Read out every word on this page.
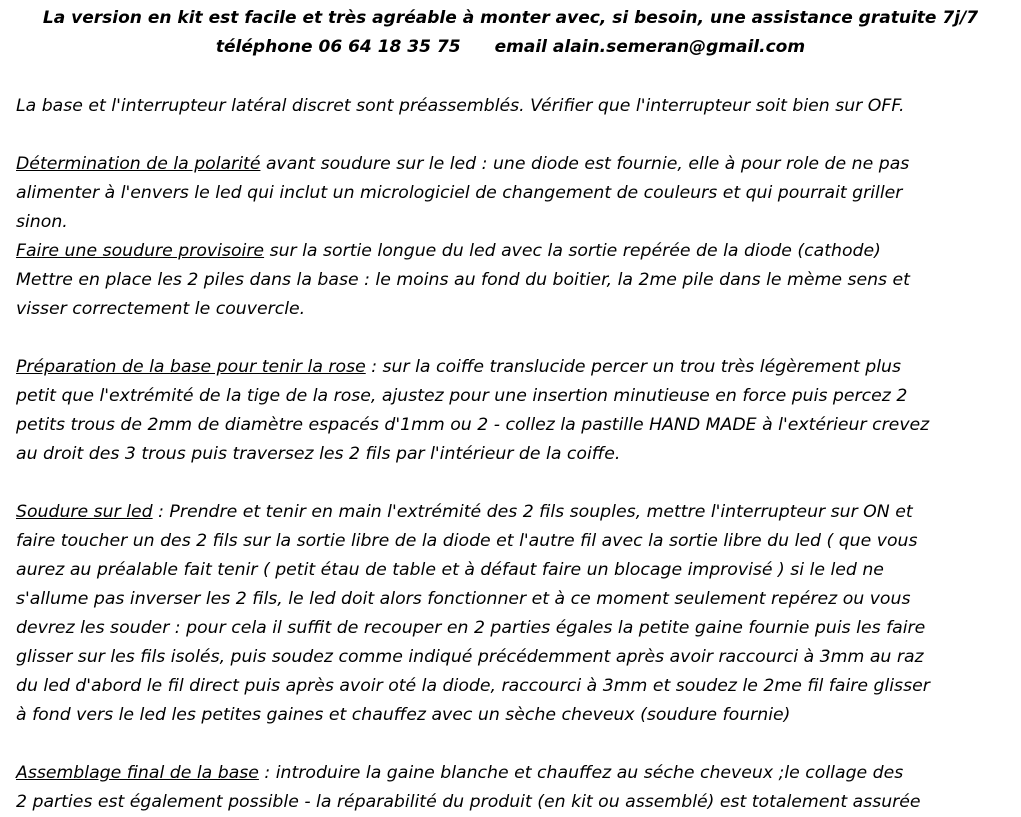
La version en kit est facile et très agréable à monter avec, si besoin, une assistance gratuite 7j/7
téléphone 06 64 18 35 75 email alain.semeran@gmail.com
La base et l'interrupteur latéral discret sont préassemblés. Vérifier que l'interrupteur soit bien sur OFF.
Détermination de la polarité avant soudure sur le led : une diode est fournie, elle à pour role de ne pas
alimenter à l'envers le led qui inclut un micrologiciel de changement de couleurs et qui pourrait griller
sinon.
Faire une soudure provisoire sur la sortie longue du led avec la sortie repérée de la diode (cathode)
Mettre en place les 2 piles dans la base : le moins au fond du boitier, la 2me pile dans le mème sens et
visser correctement le couvercle.
Préparation de la base pour tenir la rose : sur la coiffe translucide percer un trou très légèrement plus
petit que l'extrémité de la tige de la rose, ajustez pour une insertion minutieuse en force puis percez 2
petits trous de 2mm de diamètre espacés d'1mm ou 2 - collez la pastille HAND MADE à l'extérieur crevez
au droit des 3 trous puis traversez les 2 fils par l'intérieur de la coiffe.
Soudure sur led : Prendre et tenir en main l'extrémité des 2 fils souples, mettre l'interrupteur sur ON et
faire toucher un des 2 fils sur la sortie libre de la diode et l'autre fil avec la sortie libre du led ( que vous
aurez au préalable fait tenir ( petit étau de table et à défaut faire un blocage improvisé ) si le led ne
s'allume pas inverser les 2 fils, le led doit alors fonctionner et à ce moment seulement repérez ou vous
devrez les souder : pour cela il suffit de recouper en 2 parties égales la petite gaine fournie puis les faire
glisser sur les fils isolés, puis soudez comme indiqué précédemment après avoir raccourci à 3mm au raz
du led d'abord le fil direct puis après avoir oté la diode, raccourci à 3mm et soudez le 2me fil faire glisser
à fond vers le led les petites gaines et chauffez avec un sèche cheveux (soudure fournie)
Assemblage final de la base : introduire la gaine blanche et chauffez au séche cheveux ;le collage des
2 parties est également possible - la réparabilité du produit (en kit ou assemblé) est totalement assurée
